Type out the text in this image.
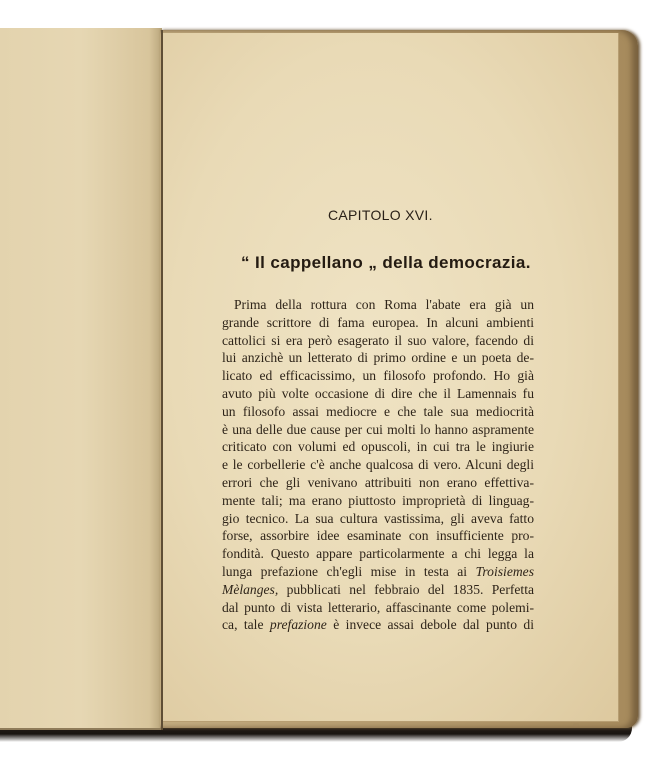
CAPITOLO XVI.
“ Il cappellano „ della democrazia.
Prima della rottura con Roma l'abate era già un
grande scrittore di fama europea. In alcuni ambienti
cattolici si era però esagerato il suo valore, facendo di
lui anzichè un letterato di primo ordine e un poeta de-
licato ed efficacissimo, un filosofo profondo. Ho già
avuto più volte occasione di dire che il Lamennais fu
un filosofo assai mediocre e che tale sua mediocrità
è una delle due cause per cui molti lo hanno aspramente
criticato con volumi ed opuscoli, in cui tra le ingiurie
e le corbellerie c'è anche qualcosa di vero. Alcuni degli
errori che gli venivano attribuiti non erano effettiva-
mente tali; ma erano piuttosto improprietà di linguag-
gio tecnico. La sua cultura vastissima, gli aveva fatto
forse, assorbire idee esaminate con insufficiente pro-
fondità. Questo appare particolarmente a chi legga la
lunga prefazione ch'egli mise in testa ai Troisiemes
Mèlanges, pubblicati nel febbraio del 1835. Perfetta
dal punto di vista letterario, affascinante come polemi-
ca, tale prefazione è invece assai debole dal punto di
